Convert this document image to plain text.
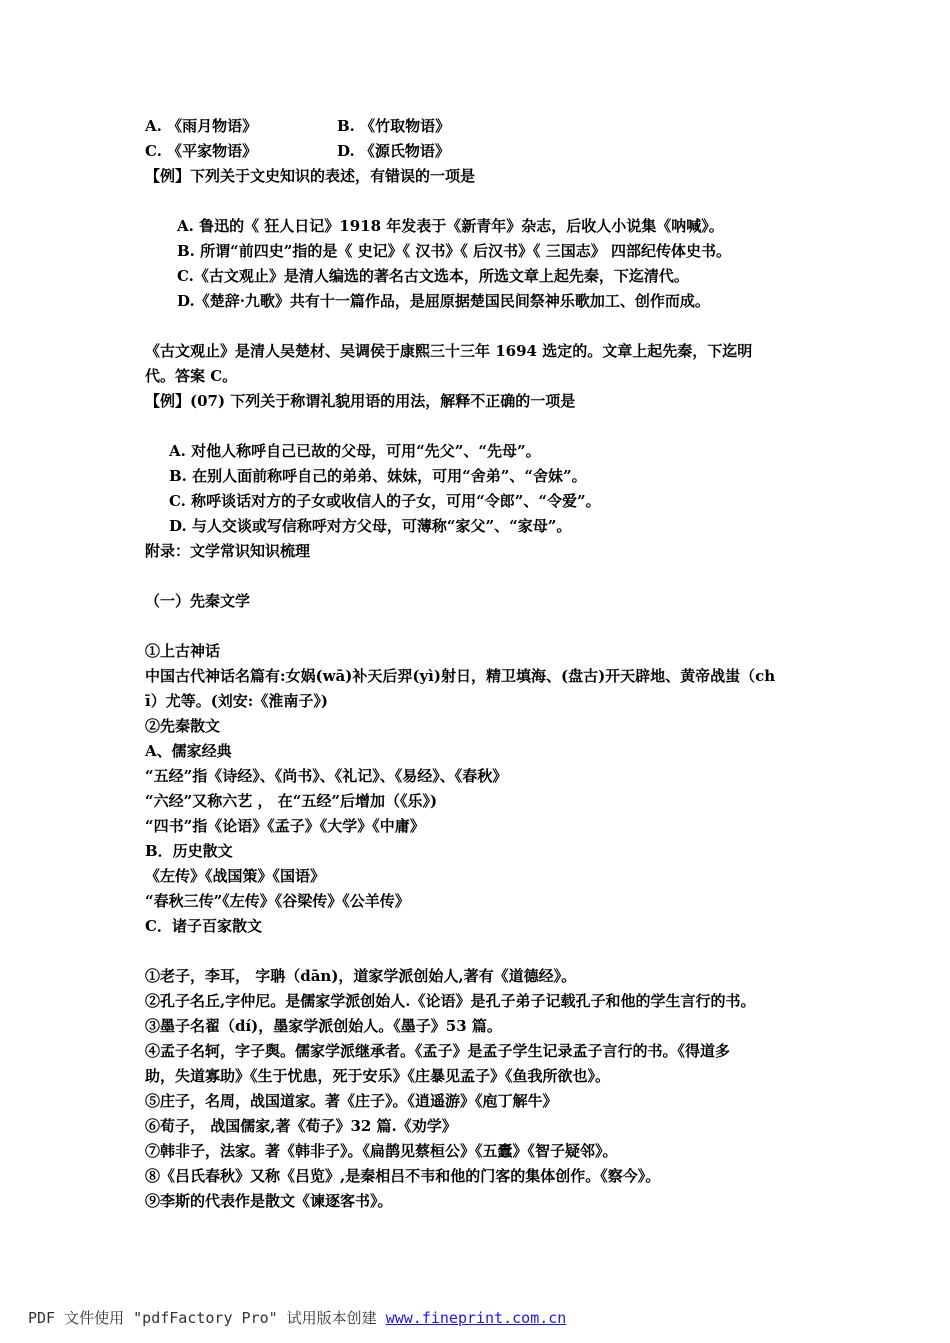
A. 《雨月物语》	B. 《竹取物语》
C. 《平家物语》	D. 《源氏物语》
【例】下列关于文史知识的表述，有错误的一项是
A. 鲁迅的《 狂人日记》1918 年发表于《新青年》杂志，后收人小说集《呐喊》。
B. 所谓“前四史”指的是《 史记》《 汉书》《 后汉书》《 三国志》 四部纪传体史书。
C.《古文观止》是清人编选的著名古文选本，所选文章上起先秦，下迄清代。
D.《楚辞·九歌》共有十一篇作品，是屈原据楚国民间祭神乐歌加工、创作而成。
《古文观止》是清人吴楚材、吴调侯于康熙三十三年 1694 选定的。文章上起先秦，下迄明
代。答案 C。
【例】(07) 下列关于称谓礼貌用语的用法，解释不正确的一项是
A. 对他人称呼自己已故的父母，可用“先父”、“先母”。
B. 在别人面前称呼自己的弟弟、妹妹，可用“舍弟”、“舍妹”。
C. 称呼谈话对方的子女或收信人的子女，可用“令郎”、“令爱”。
D. 与人交谈或写信称呼对方父母，可薄称“家父”、“家母”。
附录：文学常识知识梳理
（一）先秦文学
①上古神话
中国古代神话名篇有:女娲(wā)补天后羿(yì)射日，精卫填海、(盘古)开天辟地、黄帝战蚩（ch
ī）尤等。(刘安:《淮南子》)
②先秦散文
A、儒家经典
“五经”指《诗经》、《尚书》、《礼记》、《易经》、《春秋》
“六经”又称六艺 ， 在“五经”后增加（《乐》)
“四书”指《论语》《孟子》《大学》《中庸》
B．历史散文
《左传》《战国策》《国语》
“春秋三传”《左传》《谷梁传》《公羊传》
C．诸子百家散文
①老子，李耳， 字聃（dān)，道家学派创始人,著有《道德经》。
②孔子名丘,字仲尼。是儒家学派创始人.《论语》是孔子弟子记载孔子和他的学生言行的书。
③墨子名翟（dí)，墨家学派创始人。《墨子》53 篇。
④孟子名轲，字子舆。儒家学派继承者。《孟子》是孟子学生记录孟子言行的书。《得道多
助，失道寡助》《生于忧患，死于安乐》《庄暴见孟子》《鱼我所欲也》。
⑤庄子，名周，战国道家。著《庄子》。《逍遥游》《庖丁解牛》
⑥荀子， 战国儒家,著《荀子》32 篇.《劝学》
⑦韩非子，法家。著《韩非子》。《扁鹊见蔡桓公》《五蠹》《智子疑邻》。
⑧《吕氏春秋》又称《吕览》,是秦相吕不韦和他的门客的集体创作。《察今》。
⑨李斯的代表作是散文《谏逐客书》。
PDF 文件使用 "pdfFactory Pro" 试用版本创建 www.fineprint.com.cn
